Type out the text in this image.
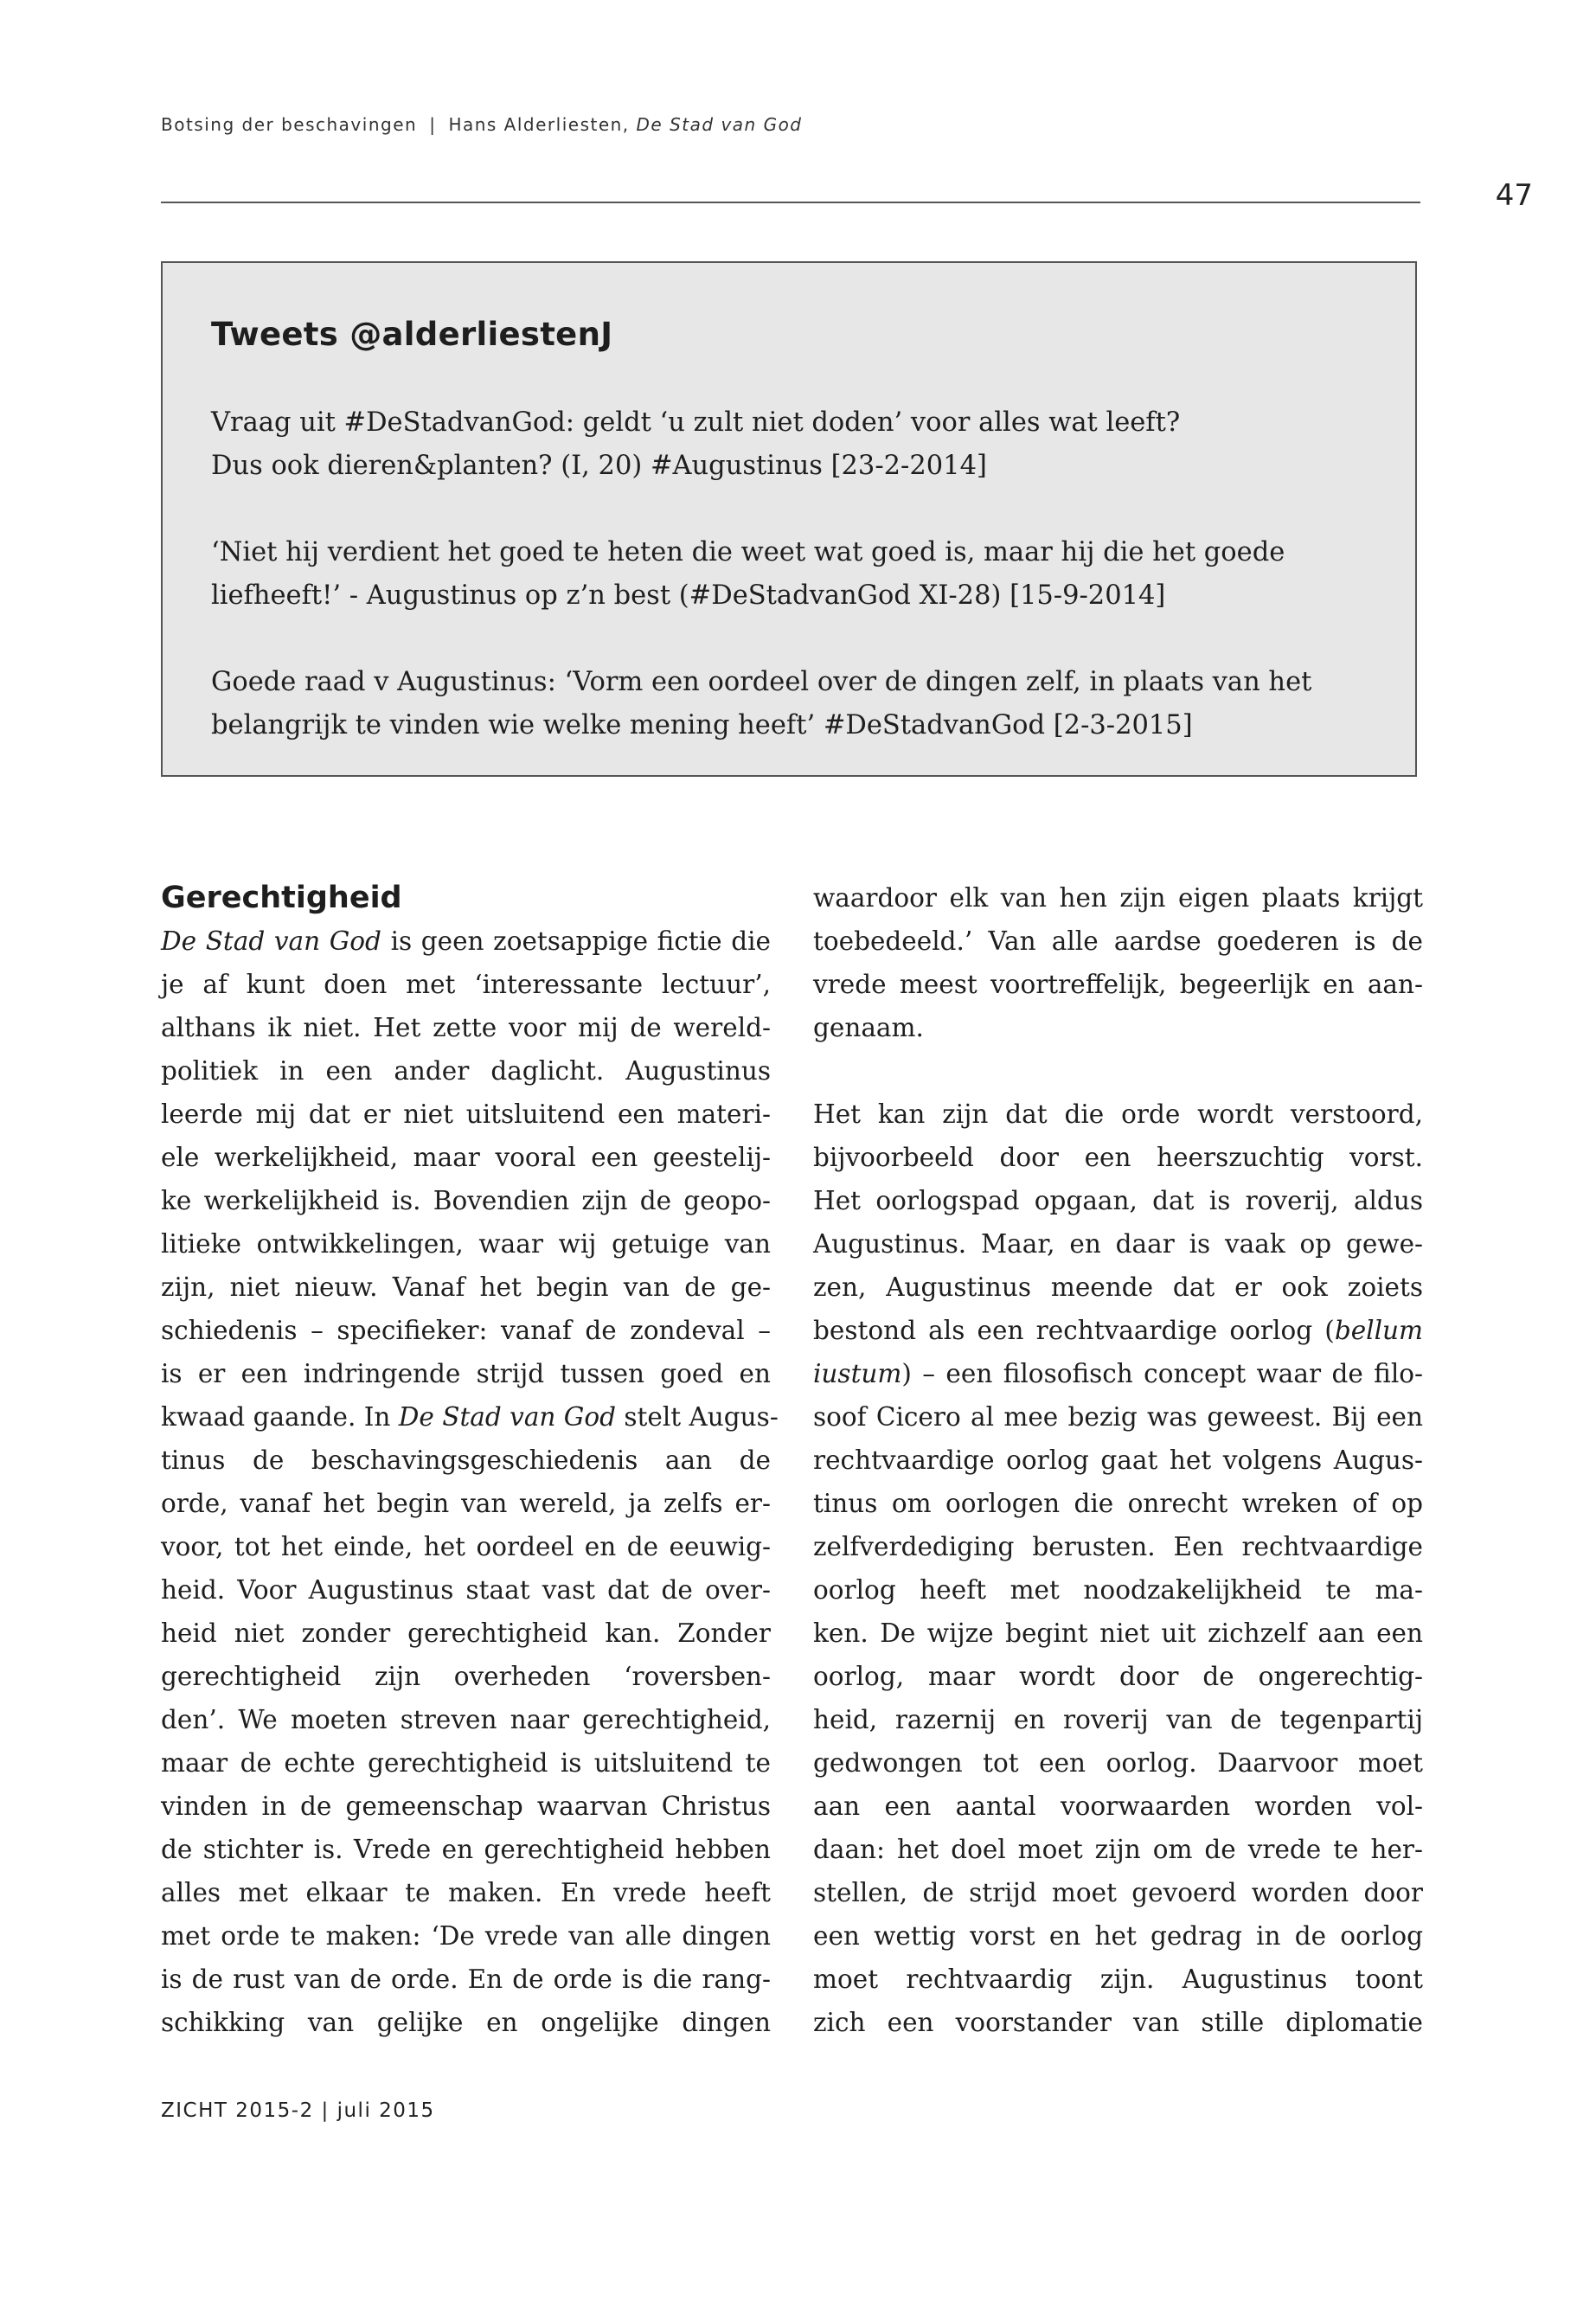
Botsing der beschavingen | Hans Alderliesten, De Stad van God
47
Tweets @alderliestenJ

Vraag uit #DeStadvanGod: geldt ‘u zult niet doden’ voor alles wat leeft?
Dus ook dieren&planten? (I, 20) #Augustinus [23-2-2014]

‘Niet hij verdient het goed te heten die weet wat goed is, maar hij die het goede
liefheeft!’ - Augustinus op z’n best (#DeStadvanGod XI-28) [15-9-2014]

Goede raad v Augustinus: ‘Vorm een oordeel over de dingen zelf, in plaats van het
belangrijk te vinden wie welke mening heeft’ #DeStadvanGod [2-3-2015]

Gerechtigheid

De Stad van God is geen zoetsappige fictie die
je af kunt doen met ‘interessante lectuur’,
althans ik niet. Het zette voor mij de wereld-
politiek in een ander daglicht. Augustinus
leerde mij dat er niet uitsluitend een materi-
ele werkelijkheid, maar vooral een geestelij-
ke werkelijkheid is. Bovendien zijn de geopo-
litieke ontwikkelingen, waar wij getuige van
zijn, niet nieuw. Vanaf het begin van de ge-
schiedenis – specifieker: vanaf de zondeval –
is er een indringende strijd tussen goed en
kwaad gaande. In De Stad van God stelt Augus-
tinus de beschavingsgeschiedenis aan de
orde, vanaf het begin van wereld, ja zelfs er-
voor, tot het einde, het oordeel en de eeuwig-
heid. Voor Augustinus staat vast dat de over-
heid niet zonder gerechtigheid kan. Zonder
gerechtigheid zijn overheden ‘roversben-
den’. We moeten streven naar gerechtigheid,
maar de echte gerechtigheid is uitsluitend te
vinden in de gemeenschap waarvan Christus
de stichter is. Vrede en gerechtigheid hebben
alles met elkaar te maken. En vrede heeft
met orde te maken: ‘De vrede van alle dingen
is de rust van de orde. En de orde is die rang-
schikking van gelijke en ongelijke dingen

waardoor elk van hen zijn eigen plaats krijgt
toebedeeld.’ Van alle aardse goederen is de
vrede meest voortreffelijk, begeerlijk en aan-
genaam.

Het kan zijn dat die orde wordt verstoord,
bijvoorbeeld door een heerszuchtig vorst.
Het oorlogspad opgaan, dat is roverij, aldus
Augustinus. Maar, en daar is vaak op gewe-
zen, Augustinus meende dat er ook zoiets
bestond als een rechtvaardige oorlog (bellum
iustum) – een filosofisch concept waar de filo-
soof Cicero al mee bezig was geweest. Bij een
rechtvaardige oorlog gaat het volgens Augus-
tinus om oorlogen die onrecht wreken of op
zelfverdediging berusten. Een rechtvaardige
oorlog heeft met noodzakelijkheid te ma-
ken. De wijze begint niet uit zichzelf aan een
oorlog, maar wordt door de ongerechtig-
heid, razernij en roverij van de tegenpartij
gedwongen tot een oorlog. Daarvoor moet
aan een aantal voorwaarden worden vol-
daan: het doel moet zijn om de vrede te her-
stellen, de strijd moet gevoerd worden door
een wettig vorst en het gedrag in de oorlog
moet rechtvaardig zijn. Augustinus toont
zich een voorstander van stille diplomatie

ZICHT 2015-2 | juli 2015
